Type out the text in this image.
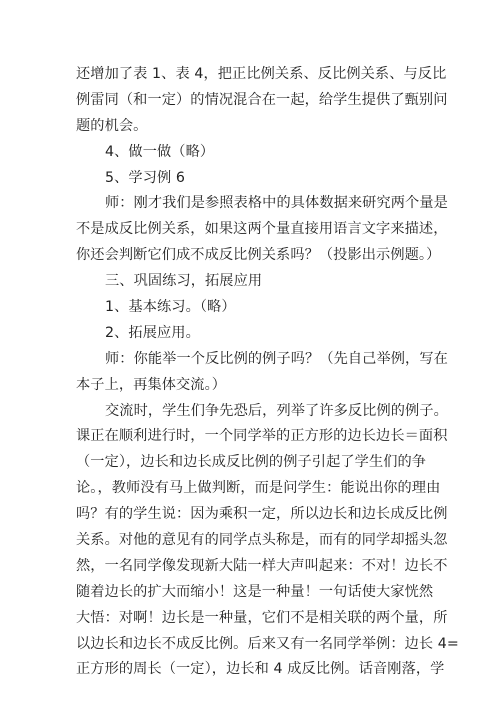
还增加了表 1、表 4，把正比例关系、反比例关系、与反比
例雷同（和一定）的情况混合在一起，给学生提供了甄别问
题的机会。
4、做一做（略）
5、学习例 6
师：刚才我们是参照表格中的具体数据来研究两个量是
不是成反比例关系，如果这两个量直接用语言文字来描述，
你还会判断它们成不成反比例关系吗？（投影出示例题。）
三、巩固练习，拓展应用
1、基本练习。（略）
2、拓展应用。
师：你能举一个反比例的例子吗？（先自己举例，写在
本子上，再集体交流。）
交流时，学生们争先恐后，列举了许多反比例的例子。
课正在顺利进行时，一个同学举的正方形的边长边长＝面积
（一定），边长和边长成反比例的例子引起了学生们的争
论。，教师没有马上做判断，而是问学生：能说出你的理由
吗？有的学生说：因为乘积一定，所以边长和边长成反比例
关系。对他的意见有的同学点头称是，而有的同学却摇头忽
然，一名同学像发现新大陆一样大声叫起来：不对！边长不
随着边长的扩大而缩小！这是一种量！一句话使大家恍然
大悟：对啊！边长是一种量，它们不是相关联的两个量，所
以边长和边长不成反比例。后来又有一名同学举例：边长 4=
正方形的周长（一定），边长和 4 成反比例。话音刚落，学
